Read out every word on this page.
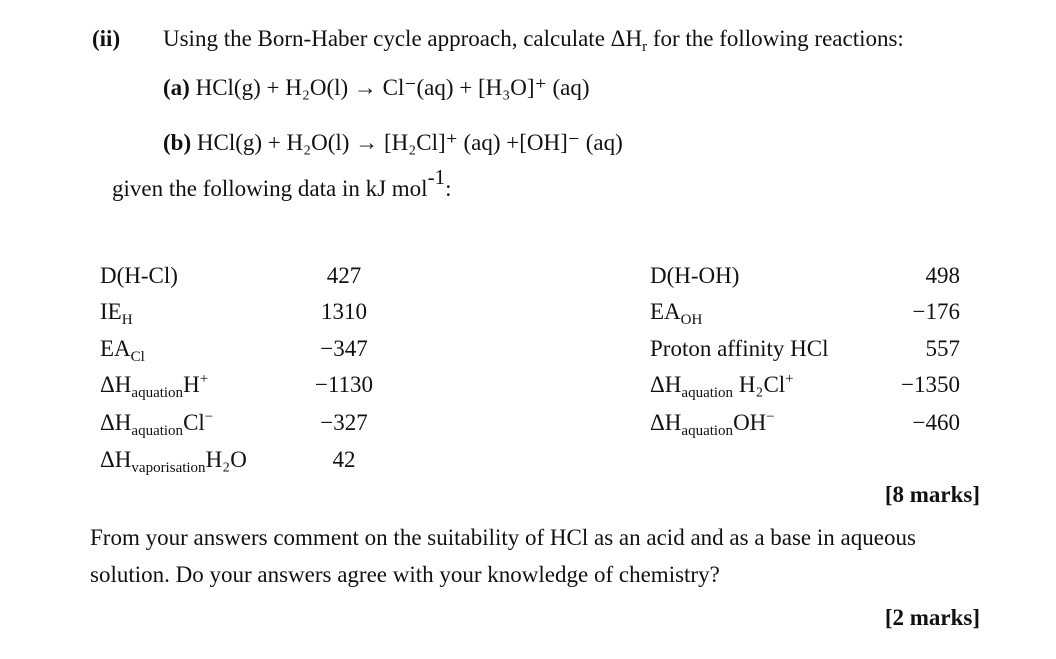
(ii) Using the Born-Haber cycle approach, calculate $\Delta H_r$ for the following reactions:
(a) HCl(g) + H₂O(l) → Cl⁻(aq) + [H₃O]⁺ (aq)
(b) HCl(g) + H₂O(l) → [H₂Cl]⁺ (aq) +[OH]⁻ (aq)
given the following data in kJ mol-1:
D(H-Cl)	427
$IE_H$	1310
$EA_{Cl}$	−347
$\Delta H_{aquation}H^+$	−1130
$\Delta H_{aquation}Cl^-$	−327
$\Delta H_{vaporisation}H_2O$	42
D(H-OH)	498
$EA_{OH}$	−176
Proton affinity HCl	557
$\Delta H_{aquation}$ H₂Cl+	−1350
$\Delta H_{aquation}OH^-$	−460
[8 marks]
From your answers comment on the suitability of HCl as an acid and as a base in aqueous
solution. Do your answers agree with your knowledge of chemistry?
[2 marks]
